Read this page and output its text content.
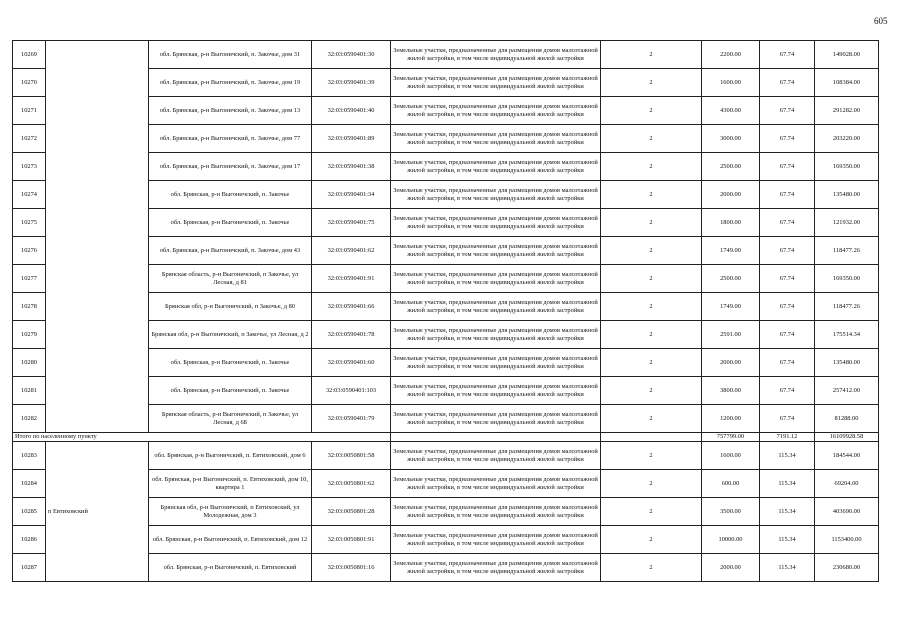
605
10269		обл. Брянская, р-н Выгоничский, п. Закочье, дом 31	32:03:0590401:30	Земельные участки, предназначенные для размещения домов малоэтажной жилой застройки, в том числе индивидуальной жилой застройки	2	2200.00	67.74	149028.00
10270		обл. Брянская, р-н Выгоничский, п. Закочье, дом 19	32:03:0590401:39	Земельные участки, предназначенные для размещения домов малоэтажной жилой застройки, в том числе индивидуальной жилой застройки	2	1600.00	67.74	108384.00
10271		обл. Брянская, р-н Выгоничский, п. Закочье, дом 13	32:03:0590401:40	Земельные участки, предназначенные для размещения домов малоэтажной жилой застройки, в том числе индивидуальной жилой застройки	2	4300.00	67.74	291282.00
10272		обл. Брянская, р-н Выгоничский, п. Закочье, дом 77	32:03:0590401:89	Земельные участки, предназначенные для размещения домов малоэтажной жилой застройки, в том числе индивидуальной жилой застройки	2	3000.00	67.74	203220.00
10273		обл. Брянская, р-н Выгоничский, п. Закочье, дом 17	32:03:0590401:38	Земельные участки, предназначенные для размещения домов малоэтажной жилой застройки, в том числе индивидуальной жилой застройки	2	2500.00	67.74	169350.00
10274		обл. Брянская, р-н Выгоничский, п. Закочье	32:03:0590401:34	Земельные участки, предназначенные для размещения домов малоэтажной жилой застройки, в том числе индивидуальной жилой застройки	2	2000.00	67.74	135480.00
10275		обл. Брянская, р-н Выгоничский, п. Закочье	32:03:0590401:75	Земельные участки, предназначенные для размещения домов малоэтажной жилой застройки, в том числе индивидуальной жилой застройки	2	1800.00	67.74	121932.00
10276		обл. Брянская, р-н Выгоничский, п. Закочье, дом 43	32:03:0590401:62	Земельные участки, предназначенные для размещения домов малоэтажной жилой застройки, в том числе индивидуальной жилой застройки	2	1749.00	67.74	118477.26
10277		Брянская область, р-н Выгоничский, п Закочье, ул Лесная, д 81	32:03:0590401:91	Земельные участки, предназначенные для размещения домов малоэтажной жилой застройки, в том числе индивидуальной жилой застройки	2	2500.00	67.74	169350.00
10278		Брянская обл, р-н Выгоничский, п Закочье, д 80	32:03:0590401:66	Земельные участки, предназначенные для размещения домов малоэтажной жилой застройки, в том числе индивидуальной жилой застройки	2	1749.00	67.74	118477.26
10279		Брянская обл, р-н Выгоничский, п Закочье, ул Лесная, д 2	32:03:0590401:78	Земельные участки, предназначенные для размещения домов малоэтажной жилой застройки, в том числе индивидуальной жилой застройки	2	2591.00	67.74	175514.34
10280		обл. Брянская, р-н Выгоничский, п. Закочье	32:03:0590401:60	Земельные участки, предназначенные для размещения домов малоэтажной жилой застройки, в том числе индивидуальной жилой застройки	2	2000.00	67.74	135480.00
10281		обл. Брянская, р-н Выгоничский, п. Закочье	32:03:0590401:103	Земельные участки, предназначенные для размещения домов малоэтажной жилой застройки, в том числе индивидуальной жилой застройки	2	3800.00	67.74	257412.00
10282		Брянская область, р-н Выгоничский, п Закочье, ул Лесная, д 68	32:03:0590401:79	Земельные участки, предназначенные для размещения домов малоэтажной жилой застройки, в том числе индивидуальной жилой застройки	2	1200.00	67.74	81288.00
Итого по населенному пункту						757799.00	7191.12	16109928.58
10283	п Евтиховский	обл. Брянская, р-н Выгоничский, п. Евтиховский, дом 6	32:03:0050801:58	Земельные участки, предназначенные для размещения домов малоэтажной жилой застройки, в том числе индивидуальной жилой застройки	2	1600.00	115.34	184544.00
10284		обл. Брянская, р-н Выгоничский, п. Евтиховский, дом 10, квартира 1	32:03:0050801:62	Земельные участки, предназначенные для размещения домов малоэтажной жилой застройки, в том числе индивидуальной жилой застройки	2	600.00	115.34	69204.00
10285		Брянская обл, р-н Выгоничский, п Евтиховский, ул Молодежная, дом 3	32:03:0050801:28	Земельные участки, предназначенные для размещения домов малоэтажной жилой застройки, в том числе индивидуальной жилой застройки	2	3500.00	115.34	403690.00
10286		обл. Брянская, р-н Выгоничский, п. Евтиховский, дом 12	32:03:0050801:91	Земельные участки, предназначенные для размещения домов малоэтажной жилой застройки, в том числе индивидуальной жилой застройки	2	10000.00	115.34	1153400.00
10287		обл. Брянская, р-н Выгоничский, п. Евтиховский	32:03:0050801:16	Земельные участки, предназначенные для размещения домов малоэтажной жилой застройки, в том числе индивидуальной жилой застройки	2	2000.00	115.34	230680.00
